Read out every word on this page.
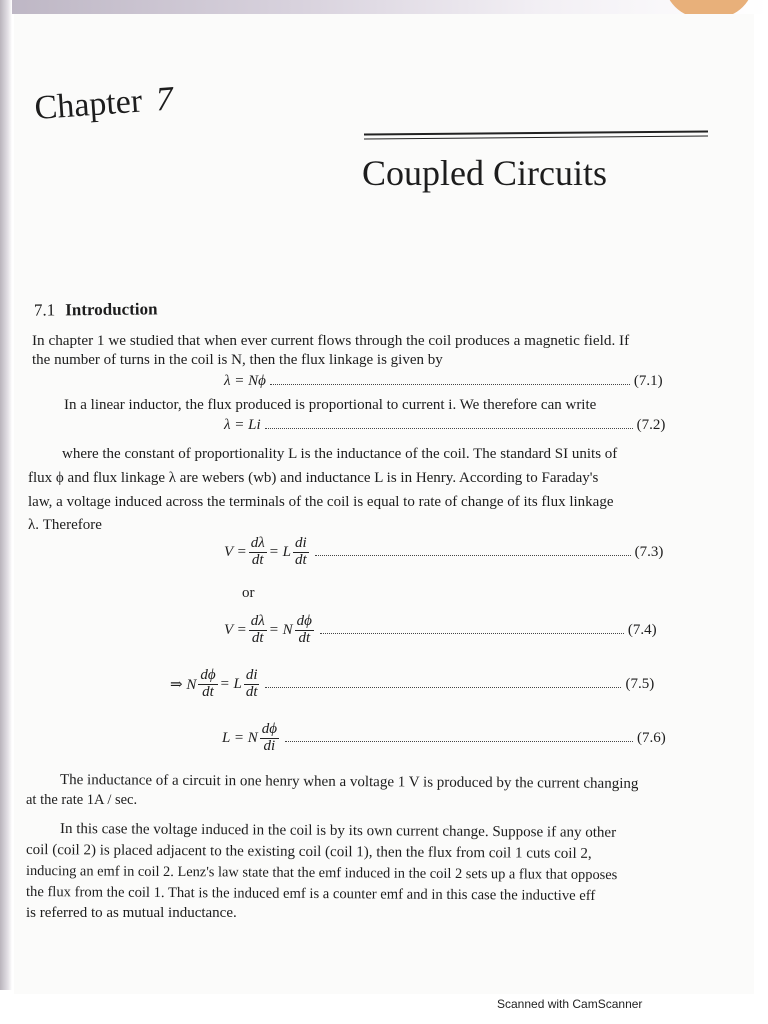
Chapter 7
Coupled Circuits
7.1 Introduction
In chapter 1 we studied that when ever current flows through the coil produces a magnetic field. If
the number of turns in the coil is N, then the flux linkage is given by
λ = Nϕ	(7.1)
In a linear inductor, the flux produced is proportional to current i. We therefore can write
λ = Li	(7.2)
where the constant of proportionality L is the inductance of the coil. The standard SI units of
flux ϕ and flux linkage λ are webers (wb) and inductance L is in Henry. According to Faraday's
law, a voltage induced across the terminals of the coil is equal to rate of change of its flux linkage
λ. Therefore
$V = \frac{d\lambda}{dt} = L \frac{di}{dt}$	(7.3)
or
$V = \frac{d\lambda}{dt} = N \frac{d\phi}{dt}$	(7.4)
⇒ N $\frac{d\phi}{dt} = L \frac{di}{dt}$	(7.5)
L = N $\frac{d\phi}{di}$	(7.6)
The inductance of a circuit in one henry when a voltage 1 V is produced by the current changing
at the rate 1A / sec.
In this case the voltage induced in the coil is by its own current change. Suppose if any other
coil (coil 2) is placed adjacent to the existing coil (coil 1), then the flux from coil 1 cuts coil 2,
inducing an emf in coil 2. Lenz's law state that the emf induced in the coil 2 sets up a flux that opposes
the flux from the coil 1. That is the induced emf is a counter emf and in this case the inductive eff
is referred to as mutual inductance.
Scanned with CamScanner
